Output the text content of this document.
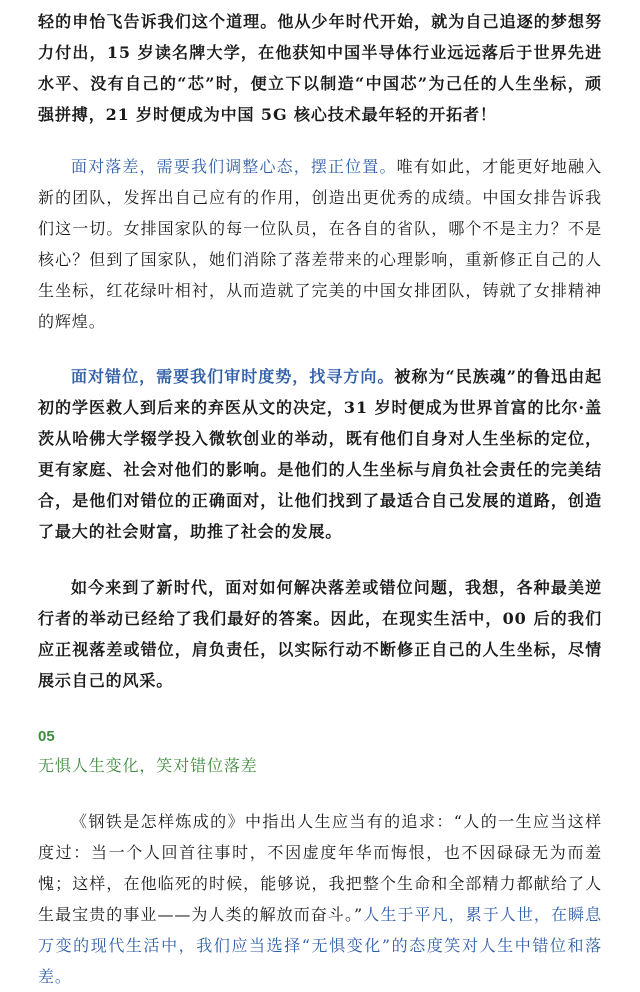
轻的申怡飞告诉我们这个道理。他从少年时代开始，就为自己追逐的梦想努力付出，15 岁读名牌大学，在他获知中国半导体行业远远落后于世界先进水平、没有自己的“芯”时，便立下以制造“中国芯”为己任的人生坐标，顽强拼搏，21 岁时便成为中国 5G 核心技术最年轻的开拓者！

面对落差，需要我们调整心态，摆正位置。唯有如此，才能更好地融入新的团队，发挥出自己应有的作用，创造出更优秀的成绩。中国女排告诉我们这一切。女排国家队的每一位队员，在各自的省队，哪个不是主力？不是核心？但到了国家队，她们消除了落差带来的心理影响，重新修正自己的人生坐标，红花绿叶相衬，从而造就了完美的中国女排团队，铸就了女排精神的辉煌。

面对错位，需要我们审时度势，找寻方向。被称为“民族魂”的鲁迅由起初的学医救人到后来的弃医从文的决定，31 岁时便成为世界首富的比尔·盖茨从哈佛大学辍学投入微软创业的举动，既有他们自身对人生坐标的定位，更有家庭、社会对他们的影响。是他们的人生坐标与肩负社会责任的完美结合，是他们对错位的正确面对，让他们找到了最适合自己发展的道路，创造了最大的社会财富，助推了社会的发展。

如今来到了新时代，面对如何解决落差或错位问题，我想，各种最美逆行者的举动已经给了我们最好的答案。因此，在现实生活中，00 后的我们应正视落差或错位，肩负责任，以实际行动不断修正自己的人生坐标，尽情展示自己的风采。

05

无惧人生变化，笑对错位落差

《钢铁是怎样炼成的》中指出人生应当有的追求：“人的一生应当这样度过：当一个人回首往事时，不因虚度年华而悔恨，也不因碌碌无为而羞愧；这样，在他临死的时候，能够说，我把整个生命和全部精力都献给了人生最宝贵的事业——为人类的解放而奋斗。”人生于平凡，累于人世，在瞬息万变的现代生活中，我们应当选择“无惧变化”的态度笑对人生中错位和落差。
